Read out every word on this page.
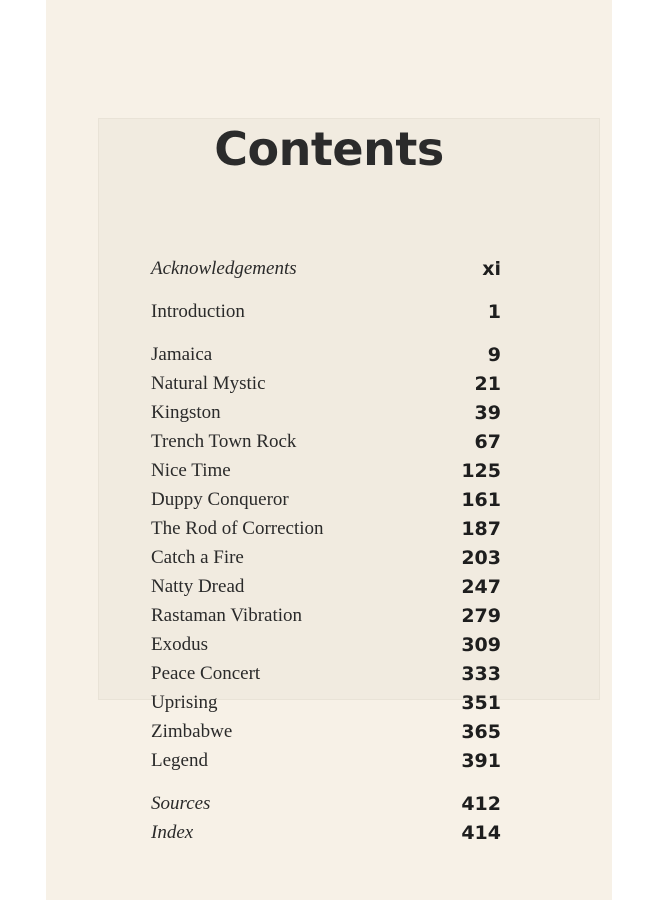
Contents
Acknowledgements	xi
Introduction	1
Jamaica	9
Natural Mystic	21
Kingston	39
Trench Town Rock	67
Nice Time	125
Duppy Conqueror	161
The Rod of Correction	187
Catch a Fire	203
Natty Dread	247
Rastaman Vibration	279
Exodus	309
Peace Concert	333
Uprising	351
Zimbabwe	365
Legend	391
Sources	412
Index	414
